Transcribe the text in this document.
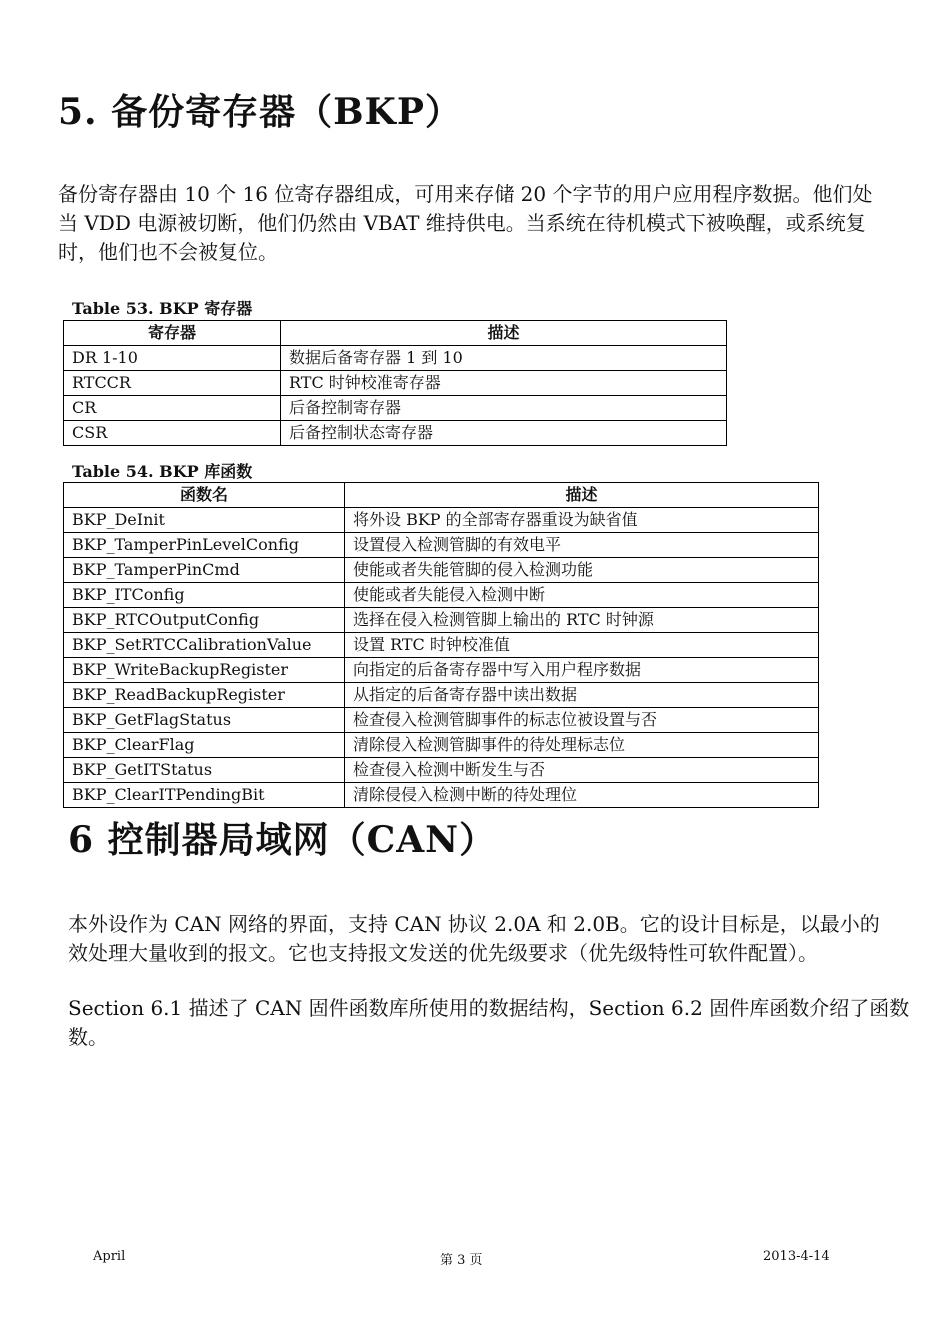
5. 备份寄存器（BKP）
备份寄存器由 10 个 16 位寄存器组成，可用来存储 20 个字节的用户应用程序数据。他们处
当 VDD 电源被切断，他们仍然由 VBAT 维持供电。当系统在待机模式下被唤醒，或系统复
时，他们也不会被复位。
Table 53. BKP 寄存器
寄存器	描述
DR 1-10	数据后备寄存器 1 到 10
RTCCR	RTC 时钟校准寄存器
CR	后备控制寄存器
CSR	后备控制状态寄存器
Table 54. BKP 库函数
函数名	描述
BKP_DeInit	将外设 BKP 的全部寄存器重设为缺省值
BKP_TamperPinLevelConfig	设置侵入检测管脚的有效电平
BKP_TamperPinCmd	使能或者失能管脚的侵入检测功能
BKP_ITConfig	使能或者失能侵入检测中断
BKP_RTCOutputConfig	选择在侵入检测管脚上输出的 RTC 时钟源
BKP_SetRTCCalibrationValue	设置 RTC 时钟校准值
BKP_WriteBackupRegister	向指定的后备寄存器中写入用户程序数据
BKP_ReadBackupRegister	从指定的后备寄存器中读出数据
BKP_GetFlagStatus	检查侵入检测管脚事件的标志位被设置与否
BKP_ClearFlag	清除侵入检测管脚事件的待处理标志位
BKP_GetITStatus	检查侵入检测中断发生与否
BKP_ClearITPendingBit	清除侵侵入检测中断的待处理位
6 控制器局域网（CAN）
本外设作为 CAN 网络的界面，支持 CAN 协议 2.0A 和 2.0B。它的设计目标是，以最小的
效处理大量收到的报文。它也支持报文发送的优先级要求（优先级特性可软件配置）。
Section 6.1 描述了 CAN 固件函数库所使用的数据结构，Section 6.2 固件库函数介绍了函数
数。
April	第 3 页	2013-4-14
